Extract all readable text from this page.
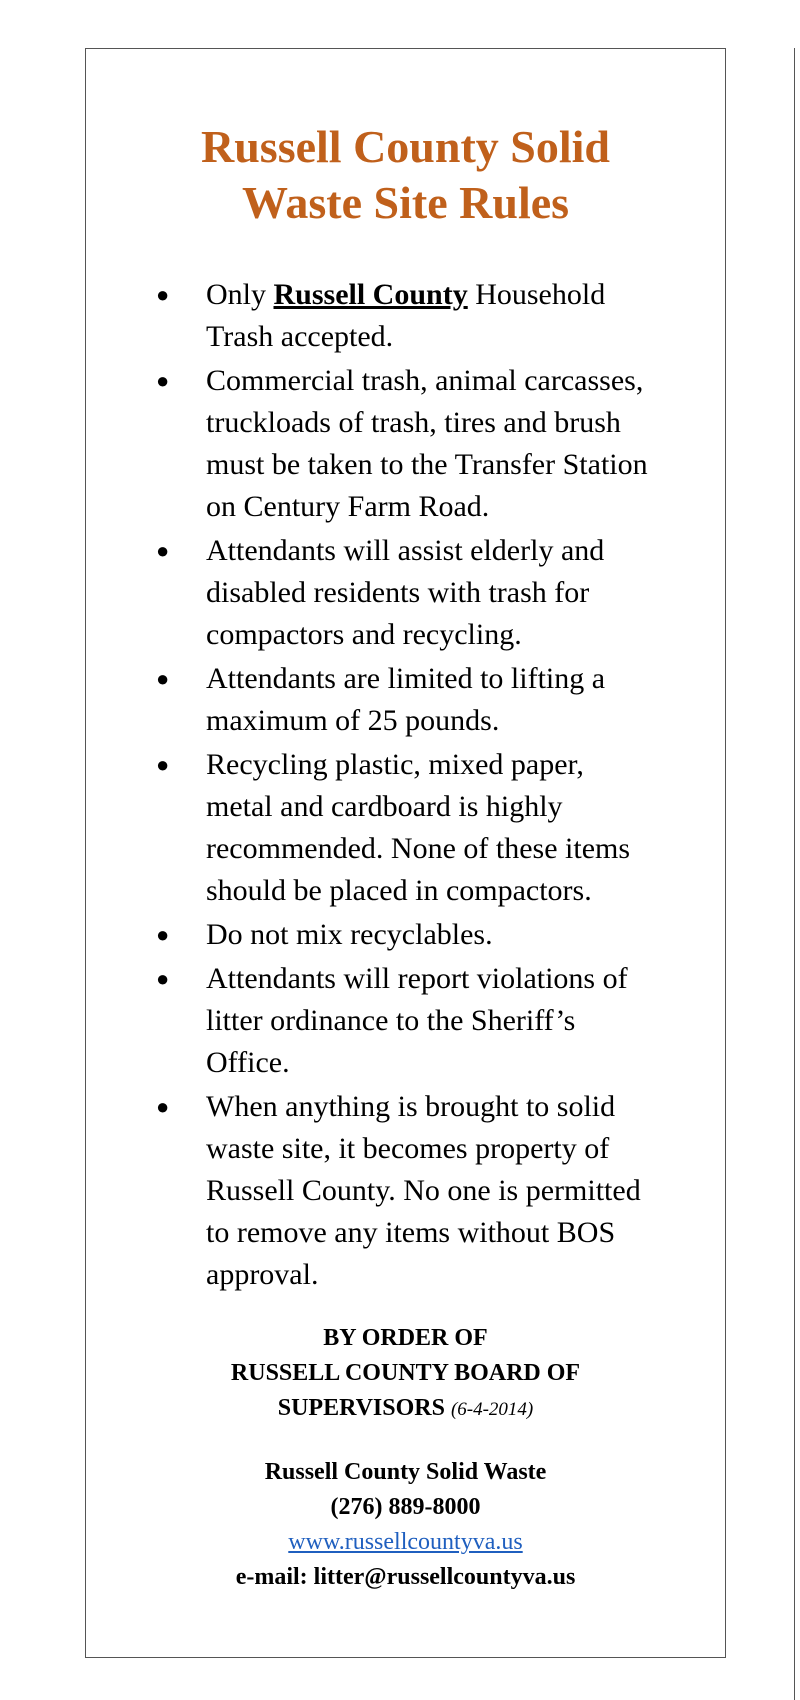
Russell County Solid
Waste Site Rules
● Only Russell County Household
Trash accepted.
● Commercial trash, animal carcasses,
truckloads of trash, tires and brush
must be taken to the Transfer Station
on Century Farm Road.
● Attendants will assist elderly and
disabled residents with trash for
compactors and recycling.
● Attendants are limited to lifting a
maximum of 25 pounds.
● Recycling plastic, mixed paper,
metal and cardboard is highly
recommended. None of these items
should be placed in compactors.
● Do not mix recyclables.
● Attendants will report violations of
litter ordinance to the Sheriff’s
Office.
● When anything is brought to solid
waste site, it becomes property of
Russell County. No one is permitted
to remove any items without BOS
approval.
BY ORDER OF
RUSSELL COUNTY BOARD OF
SUPERVISORS (6-4-2014)
Russell County Solid Waste
(276) 889-8000
www.russellcountyva.us
e-mail: litter@russellcountyva.us
